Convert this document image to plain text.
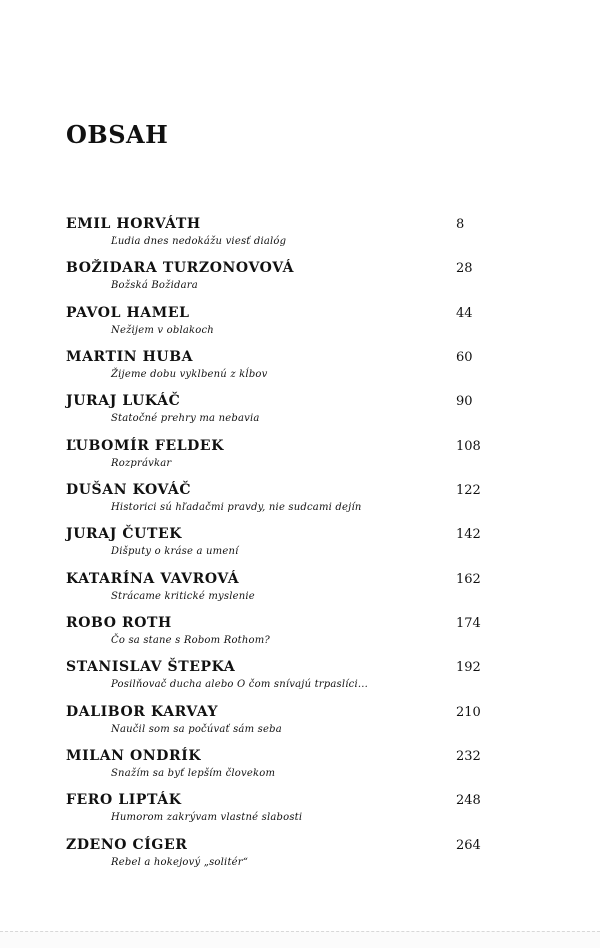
OBSAH
EMIL HORVÁTH
Ľudia dnes nedokážu viesť dialóg
8
BOŽIDARA TURZONOVOVÁ
Božská Božidara
28
PAVOL HAMEL
Nežijem v oblakoch
44
MARTIN HUBA
Žijeme dobu vyklbenú z kĺbov
60
JURAJ LUKÁČ
Statočné prehry ma nebavia
90
ĽUBOMÍR FELDEK
Rozprávkar
108
DUŠAN KOVÁČ
Historici sú hľadačmi pravdy, nie sudcami dejín
122
JURAJ ČUTEK
Dišputy o kráse a umení
142
KATARÍNA VAVROVÁ
Strácame kritické myslenie
162
ROBO ROTH
Čo sa stane s Robom Rothom?
174
STANISLAV ŠTEPKA
Posilňovač ducha alebo O čom snívajú trpaslíci...
192
DALIBOR KARVAY
Naučil som sa počúvať sám seba
210
MILAN ONDRÍK
Snažím sa byť lepším človekom
232
FERO LIPTÁK
Humorom zakrývam vlastné slabosti
248
ZDENO CÍGER
Rebel a hokejový „solitér“
264
